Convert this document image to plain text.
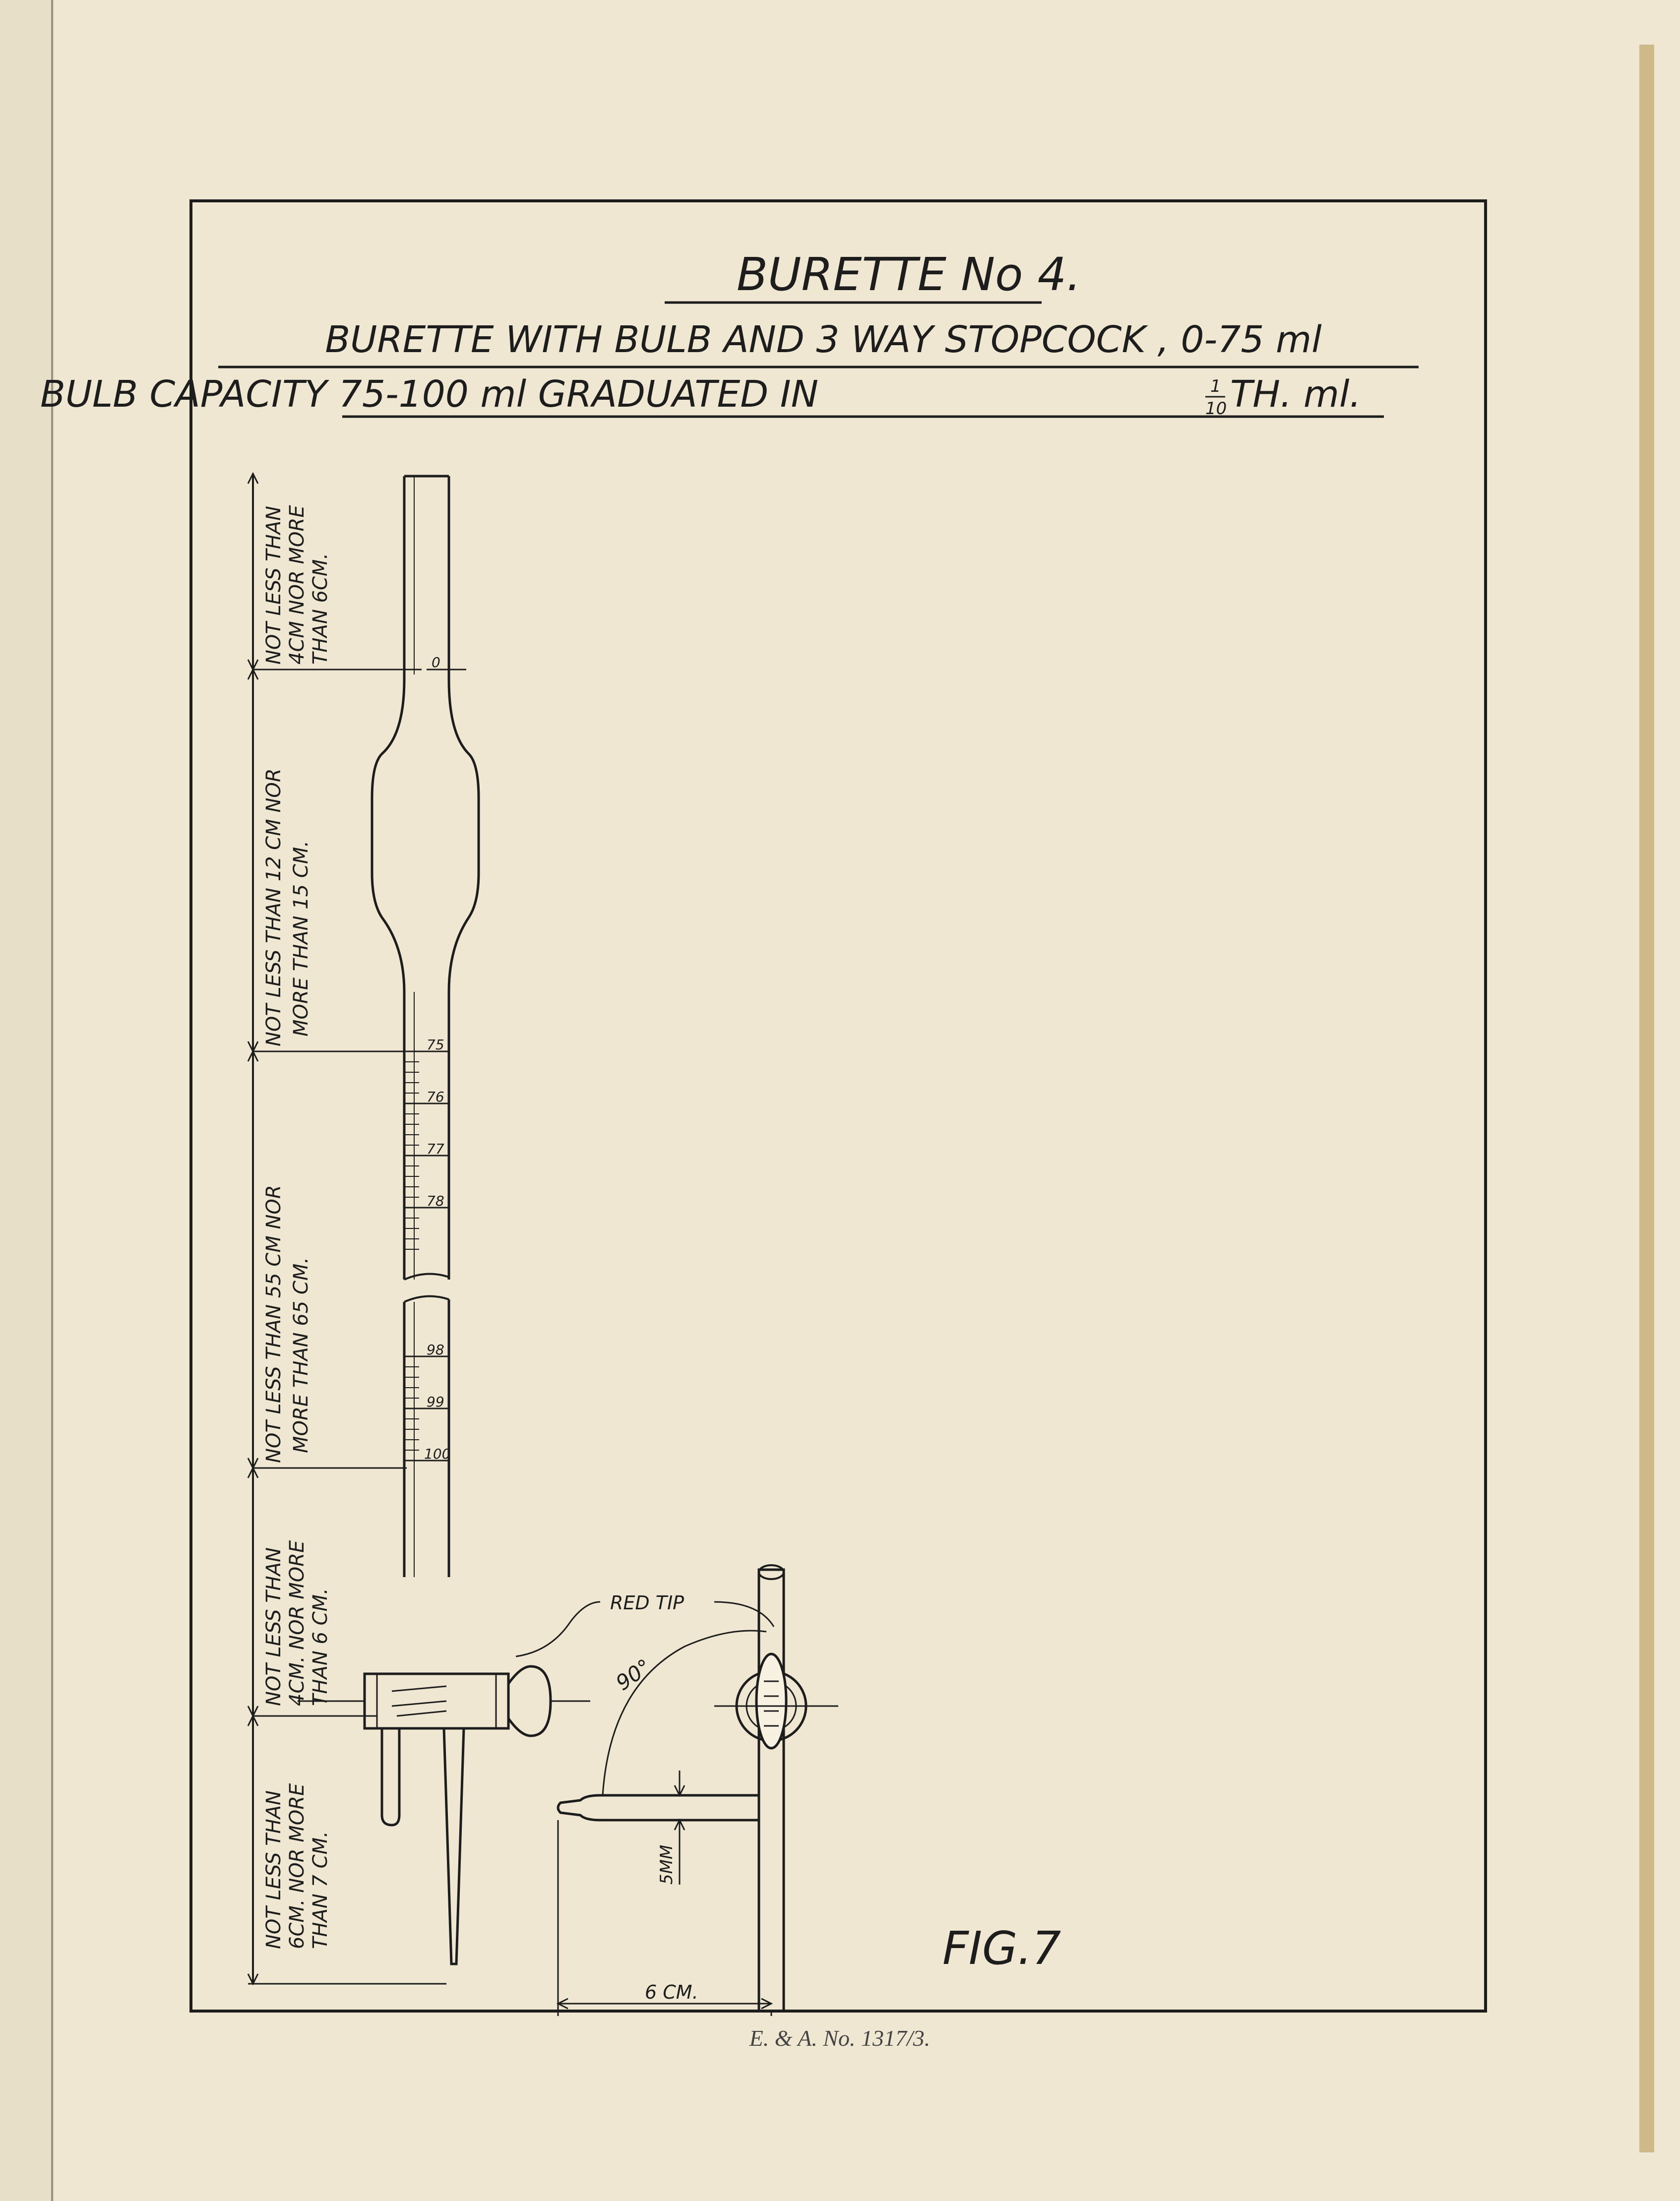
BURETTE No 4.
BURETTE WITH BULB AND 3 WAY STOPCOCK , 0-75 ml
BULB CAPACITY 75-100 ml GRADUATED IN	1
10 TH. ml.
NOT LESS THAN 4CM NOR MORE THAN 6CM.
NOT LESS THAN 12 CM NOR MORE THAN 15 CM.
NOT LESS THAN 55 CM NOR MORE THAN 65 CM.
NOT LESS THAN 4CM. NOR MORE THAN 6 CM.
NOT LESS THAN 6CM. NOR MORE THAN 7 CM.
0
75
76
77
78
98
99
100
RED TIP
6 CM.
5MM
90°
FIG.7
E. & A. No. 1317/3.
